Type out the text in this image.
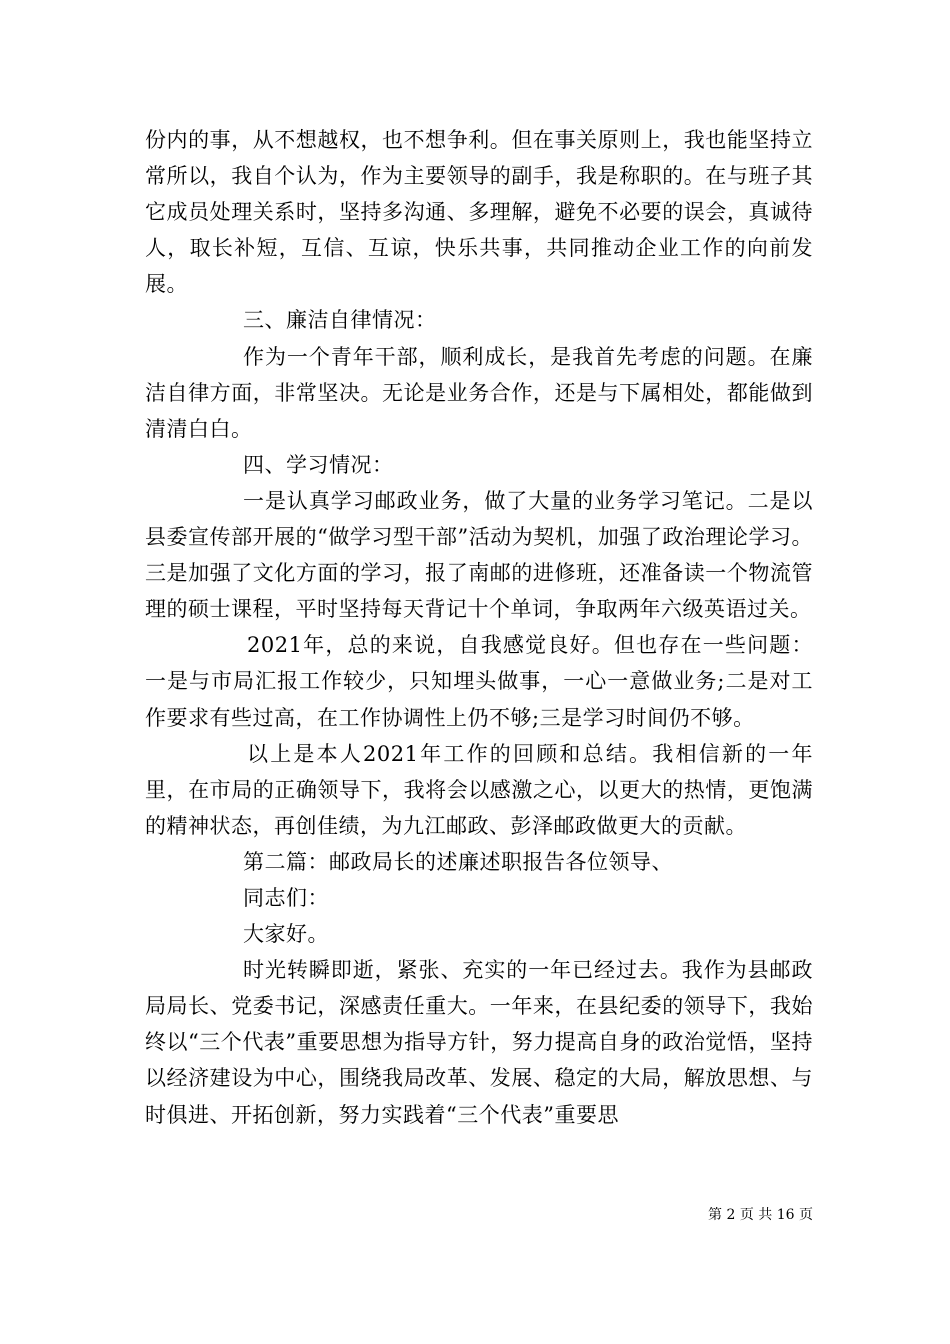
份内的事，从不想越权，也不想争利。但在事关原则上，我也能坚持立常所以，我自个认为，作为主要领导的副手，我是称职的。在与班子其它成员处理关系时，坚持多沟通、多理解，避免不必要的误会，真诚待人，取长补短，互信、互谅，快乐共事，共同推动企业工作的向前发展。

三、廉洁自律情况：

作为一个青年干部，顺利成长，是我首先考虑的问题。在廉洁自律方面，非常坚决。无论是业务合作，还是与下属相处，都能做到清清白白。

四、学习情况：

一是认真学习邮政业务，做了大量的业务学习笔记。二是以县委宣传部开展的“做学习型干部”活动为契机，加强了政治理论学习。三是加强了文化方面的学习，报了南邮的进修班，还准备读一个物流管理的硕士课程，平时坚持每天背记十个单词，争取两年六级英语过关。

2021年，总的来说，自我感觉良好。但也存在一些问题：一是与市局汇报工作较少，只知埋头做事，一心一意做业务;二是对工作要求有些过高，在工作协调性上仍不够;三是学习时间仍不够。

以上是本人2021年工作的回顾和总结。我相信新的一年里，在市局的正确领导下，我将会以感激之心，以更大的热情，更饱满的精神状态，再创佳绩，为九江邮政、彭泽邮政做更大的贡献。

第二篇：邮政局长的述廉述职报告各位领导、

同志们：

大家好。

时光转瞬即逝，紧张、充实的一年已经过去。我作为县邮政局局长、党委书记，深感责任重大。一年来，在县纪委的领导下，我始终以“三个代表”重要思想为指导方针，努力提高自身的政治觉悟，坚持以经济建设为中心，围绕我局改革、发展、稳定的大局，解放思想、与时俱进、开拓创新，努力实践着“三个代表”重要思

第 2 页 共 16 页
